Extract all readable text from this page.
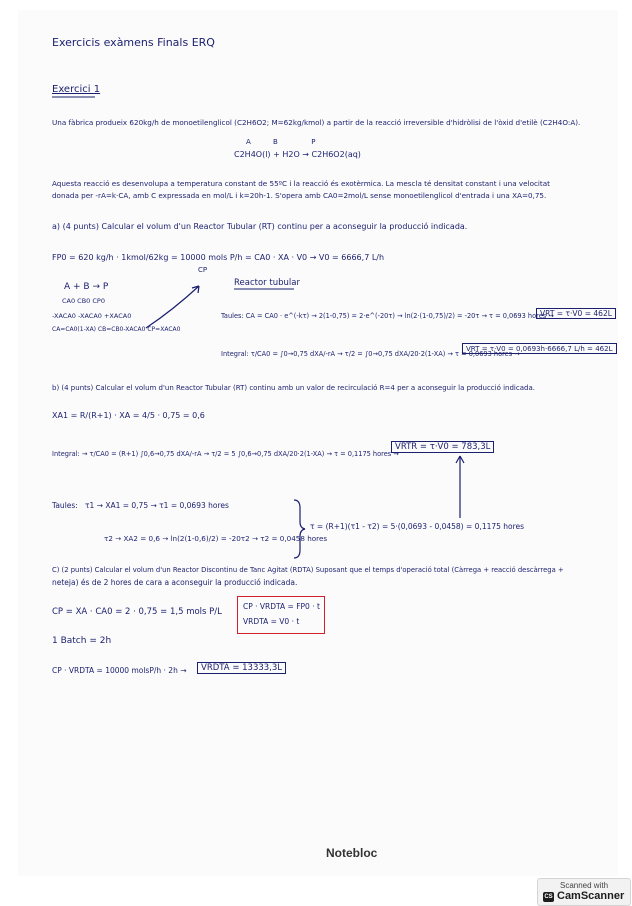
Exercicis exàmens Finals ERQ
Exercici 1
Una fàbrica produeix 620kg/h de monoetilenglicol (C2H6O2; M=62kg/kmol) a partir de la reacció irreversible d'hidròlisi de l'òxid d'etilè (C2H4O:A).
A          B               P
C2H4O(l) + H2O → C2H6O2(aq)
Aquesta reacció es desenvolupa a temperatura constant de 55ºC i la reacció és exotèrmica. La mescla té densitat constant i una velocitat
donada per -rA=k·CA, amb C expressada en mol/L i k=20h-1. S'opera amb CA0=2mol/L sense monoetilenglicol d'entrada i una XA=0,75.
a) (4 punts) Calcular el volum d'un Reactor Tubular (RT) continu per a aconseguir la producció indicada.
FP0 = 620 kg/h · 1kmol/62kg = 10000 mols P/h = CA0 · XA · V0 → V0 = 6666,7 L/h
CP
A + B → P
CA0 CB0 CP0
-XACA0 -XACA0 +XACA0
CA=CA0(1-XA) CB=CB0-XACA0 CP=XACA0
Reactor tubular
Taules: CA = CA0 · e^(-kτ) → 2(1-0,75) = 2·e^(-20τ) → ln(2·(1-0,75)/2) = -20τ → τ = 0,0693 hores →
VRT = τ·V0 = 462L
Integral: τ/CA0 = ∫0→0,75 dXA/-rA → τ/2 = ∫0→0,75 dXA/20·2(1-XA) → τ = 0,0693 hores →
VRT = τ·V0 = 0,0693h·6666,7 L/h = 462L
b) (4 punts) Calcular el volum d'un Reactor Tubular (RT) continu amb un valor de recirculació R=4 per a aconseguir la producció indicada.
XA1 = R/(R+1) · XA = 4/5 · 0,75 = 0,6
Integral: → τ/CA0 = (R+1) ∫0,6→0,75 dXA/-rA → τ/2 = 5 ∫0,6→0,75 dXA/20·2(1-XA) → τ = 0,1175 hores →
VRTR = τ·V0 = 783,3L
Taules:   τ1 → XA1 = 0,75 → τ1 = 0,0693 hores
τ2 → XA2 = 0,6 → ln(2(1-0,6)/2) = -20τ2 → τ2 = 0,0458 hores
τ = (R+1)(τ1 - τ2) = 5·(0,0693 - 0,0458) = 0,1175 hores
C) (2 punts) Calcular el volum d'un Reactor Discontinu de Tanc Agitat (RDTA) Suposant que el temps d'operació total (Càrrega + reacció descàrrega +
neteja) és de 2 hores de cara a aconseguir la producció indicada.
CP = XA · CA0 = 2 · 0,75 = 1,5 mols P/L
CP · VRDTA = FP0 · t
VRDTA = V0 · t
1 Batch = 2h
CP · VRDTA = 10000 molsP/h · 2h →	VRDTA = 13333,3L
Notebloc
Scanned with
CS CamScanner
